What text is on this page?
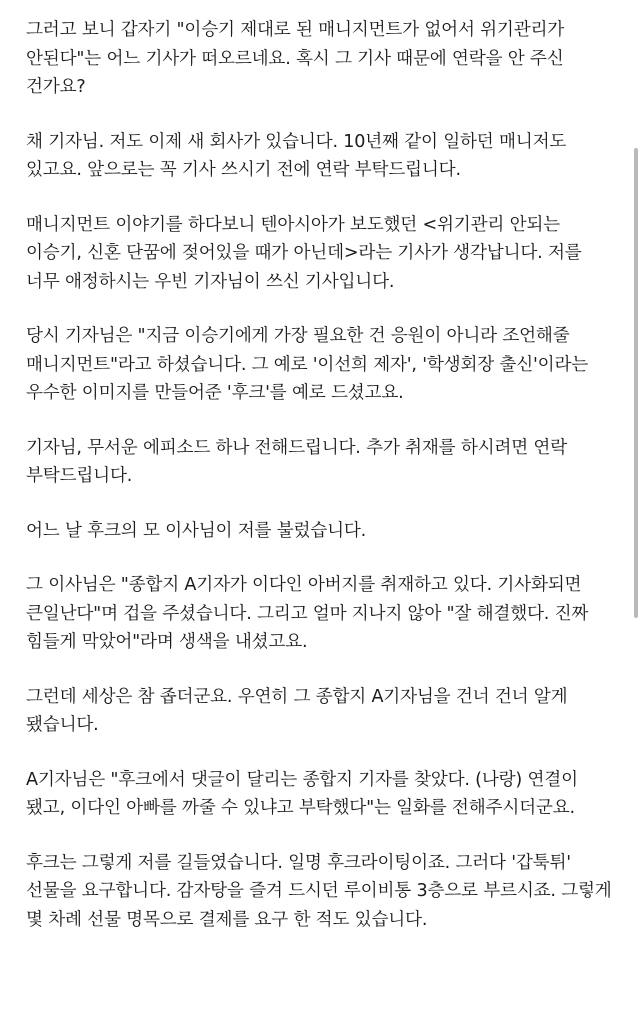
그러고 보니 갑자기 "이승기 제대로 된 매니지먼트가 없어서 위기관리가 안된다"는 어느 기사가 떠오르네요. 혹시 그 기사 때문에 연락을 안 주신 건가요?

채 기자님. 저도 이제 새 회사가 있습니다. 10년째 같이 일하던 매니저도 있고요. 앞으로는 꼭 기사 쓰시기 전에 연락 부탁드립니다.

매니지먼트 이야기를 하다보니 텐아시아가 보도했던 <위기관리 안되는 이승기, 신혼 단꿈에 젖어있을 때가 아닌데>라는 기사가 생각납니다. 저를 너무 애정하시는 우빈 기자님이 쓰신 기사입니다.

당시 기자님은 "지금 이승기에게 가장 필요한 건 응원이 아니라 조언해줄 매니지먼트"라고 하셨습니다. 그 예로 '이선희 제자', '학생회장 출신'이라는 우수한 이미지를 만들어준 '후크'를 예로 드셨고요.

기자님, 무서운 에피소드 하나 전해드립니다. 추가 취재를 하시려면 연락 부탁드립니다.

어느 날 후크의 모 이사님이 저를 불렀습니다.

그 이사님은 "종합지 A기자가 이다인 아버지를 취재하고 있다. 기사화되면 큰일난다"며 겁을 주셨습니다. 그리고 얼마 지나지 않아 "잘 해결했다. 진짜 힘들게 막았어"라며 생색을 내셨고요.

그런데 세상은 참 좁더군요. 우연히 그 종합지 A기자님을 건너 건너 알게 됐습니다.

A기자님은 "후크에서 댓글이 달리는 종합지 기자를 찾았다. (나랑) 연결이 됐고, 이다인 아빠를 까줄 수 있냐고 부탁했다"는 일화를 전해주시더군요.

후크는 그렇게 저를 길들였습니다. 일명 후크라이팅이죠. 그러다 '갑툭튀' 선물을 요구합니다. 감자탕을 즐겨 드시던 루이비통 3층으로 부르시죠. 그렇게 몇 차례 선물 명목으로 결제를 요구 한 적도 있습니다.
